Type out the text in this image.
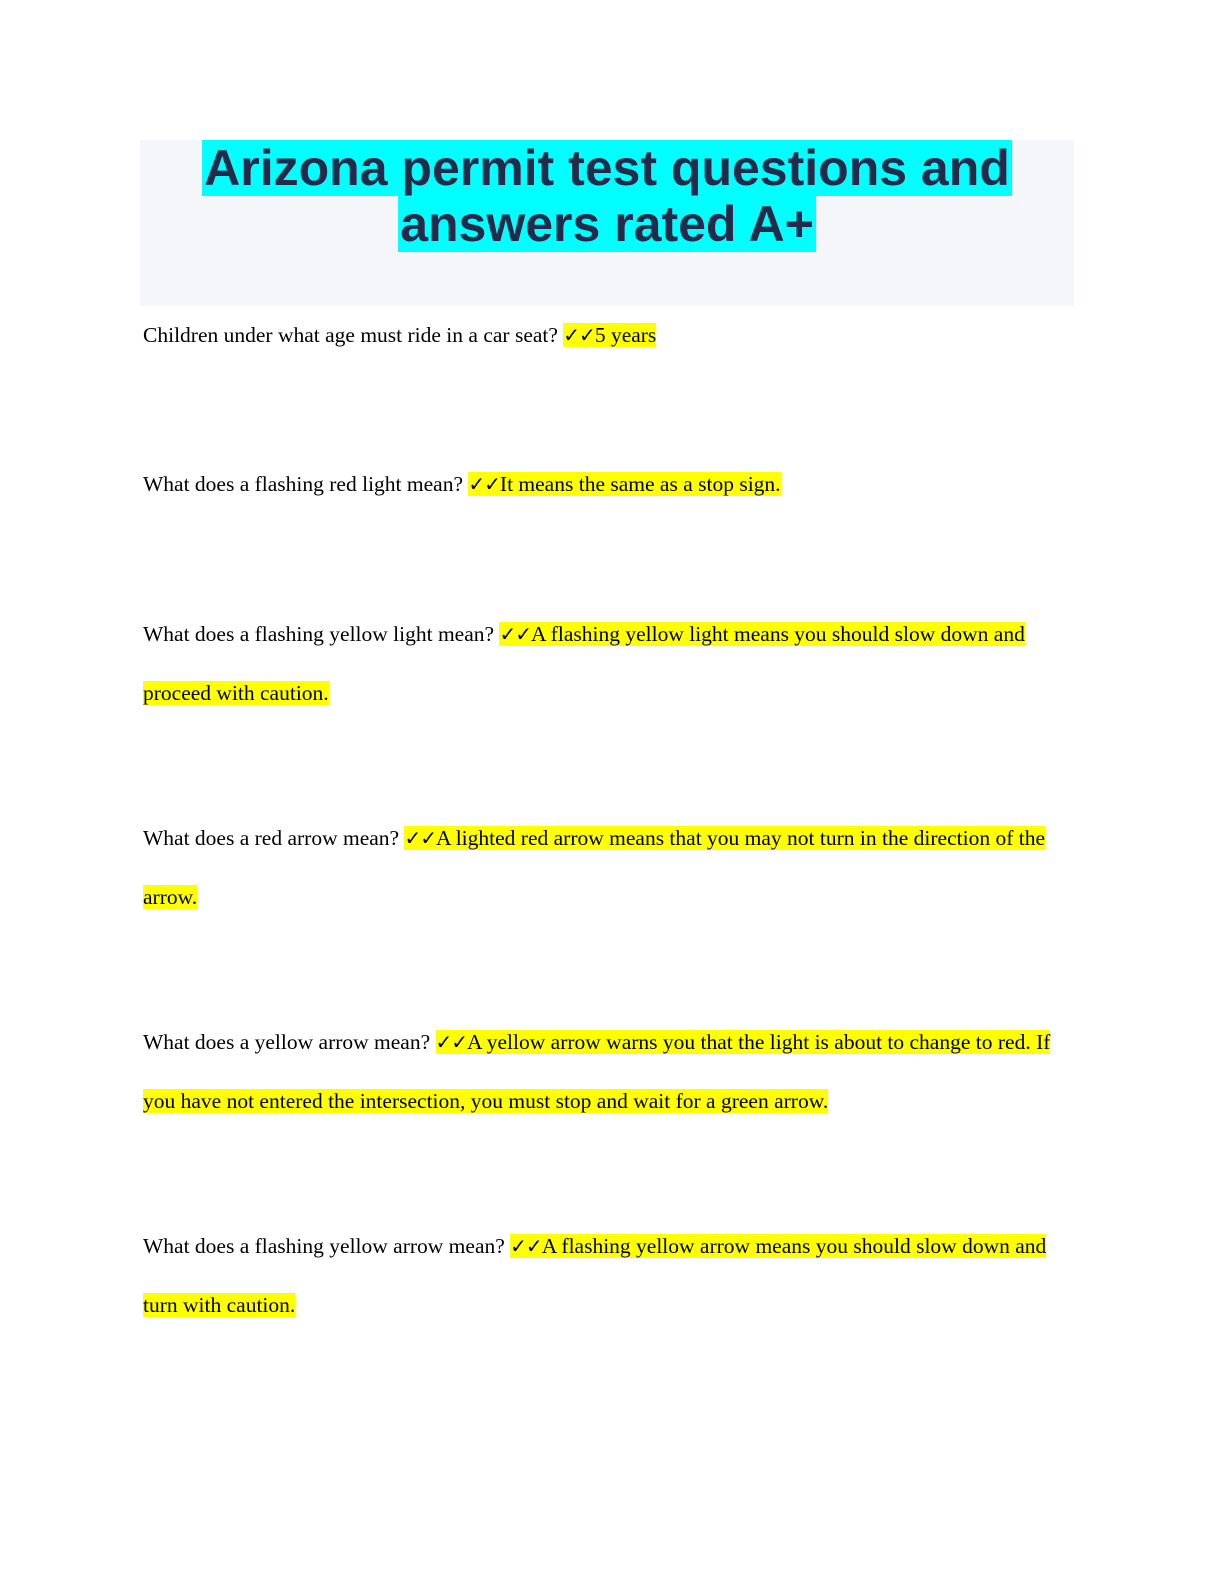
Arizona permit test questions and
answers rated A+

Children under what age must ride in a car seat? ✓✓5 years

What does a flashing red light mean? ✓✓It means the same as a stop sign.

What does a flashing yellow light mean? ✓✓A flashing yellow light means you should slow down and proceed with caution.

What does a red arrow mean? ✓✓A lighted red arrow means that you may not turn in the direction of the arrow.

What does a yellow arrow mean? ✓✓A yellow arrow warns you that the light is about to change to red. If you have not entered the intersection, you must stop and wait for a green arrow.

What does a flashing yellow arrow mean? ✓✓A flashing yellow arrow means you should slow down and turn with caution.
